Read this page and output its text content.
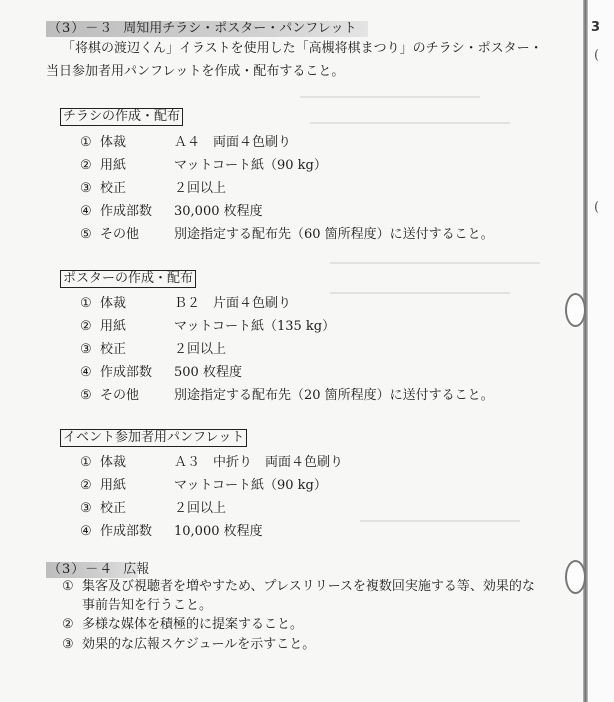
（3）－３ 周知用チラシ・ポスター・パンフレット
「将棋の渡辺くん」イラストを使用した「高槻将棋まつり」のチラシ・ポスター・
当日参加者用パンフレットを作成・配布すること。
チラシの作成・配布
① 体裁	Ａ４　両面４色刷り
② 用紙	マットコート紙（90 kg）
③ 校正	２回以上
④ 作成部数 30,000 枚程度
⑤ その他	別途指定する配布先（60 箇所程度）に送付すること。
ポスターの作成・配布
① 体裁	Ｂ２　片面４色刷り
② 用紙	マットコート紙（135 kg）
③ 校正	２回以上
④ 作成部数 500 枚程度
⑤ その他	別途指定する配布先（20 箇所程度）に送付すること。
イベント参加者用パンフレット
① 体裁	Ａ３　中折り　両面４色刷り
② 用紙	マットコート紙（90 kg）
③ 校正	２回以上
④ 作成部数 10,000 枚程度
（3）－４ 広報
① 集客及び視聴者を増やすため、プレスリリースを複数回実施する等、効果的な
事前告知を行うこと。
② 多様な媒体を積極的に提案すること。
③ 効果的な広報スケジュールを示すこと。
3
(
(
